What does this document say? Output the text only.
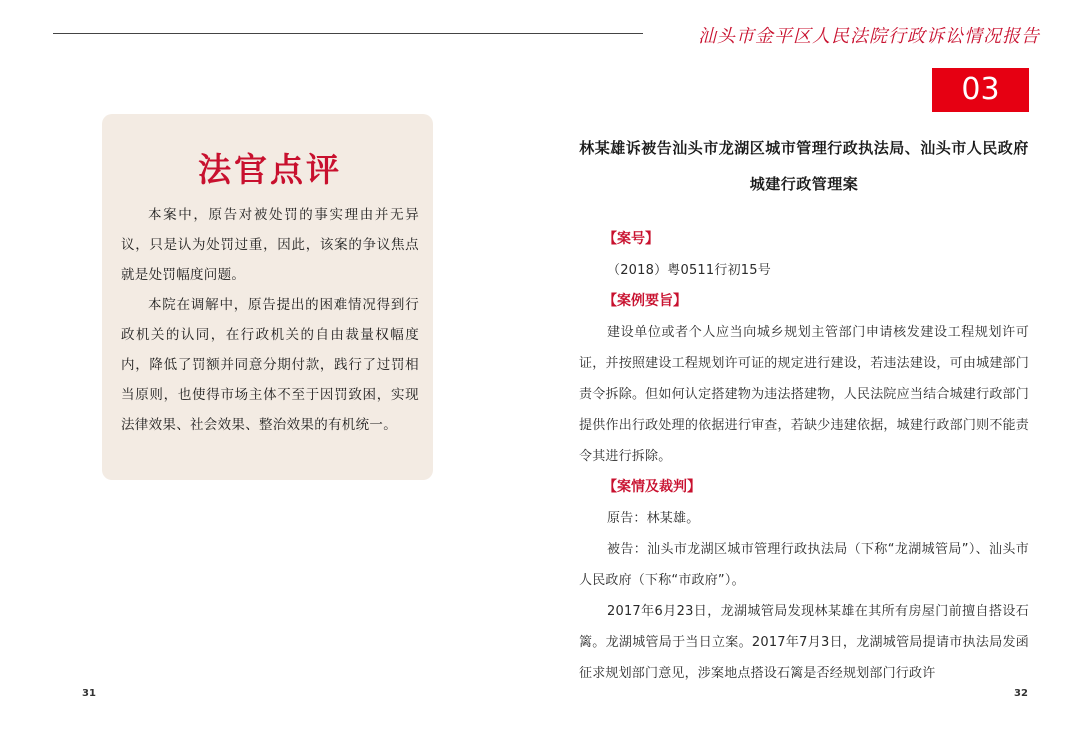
汕头市金平区人民法院行政诉讼情况报告
03
法官点评

本案中，原告对被处罚的事实理由并无异议，只是认为处罚过重，因此，该案的争议焦点就是处罚幅度问题。

本院在调解中，原告提出的困难情况得到行政机关的认同，在行政机关的自由裁量权幅度内，降低了罚额并同意分期付款，践行了过罚相当原则，也使得市场主体不至于因罚致困，实现法律效果、社会效果、整治效果的有机统一。

林某雄诉被告汕头市龙湖区城市管理行政执法局、汕头市人民政府城建行政管理案
【案号】

（2018）粤0511行初15号

【案例要旨】

建设单位或者个人应当向城乡规划主管部门申请核发建设工程规划许可证，并按照建设工程规划许可证的规定进行建设，若违法建设，可由城建部门责令拆除。但如何认定搭建物为违法搭建物，人民法院应当结合城建行政部门提供作出行政处理的依据进行审查，若缺少违建依据，城建行政部门则不能责令其进行拆除。

【案情及裁判】

原告：林某雄。

被告：汕头市龙湖区城市管理行政执法局（下称“龙湖城管局”）、汕头市人民政府（下称“市政府”）。

2017年6月23日，龙湖城管局发现林某雄在其所有房屋门前擅自搭设石篱。龙湖城管局于当日立案。2017年7月3日，龙湖城管局提请市执法局发函征求规划部门意见，涉案地点搭设石篱是否经规划部门行政许

31	32
